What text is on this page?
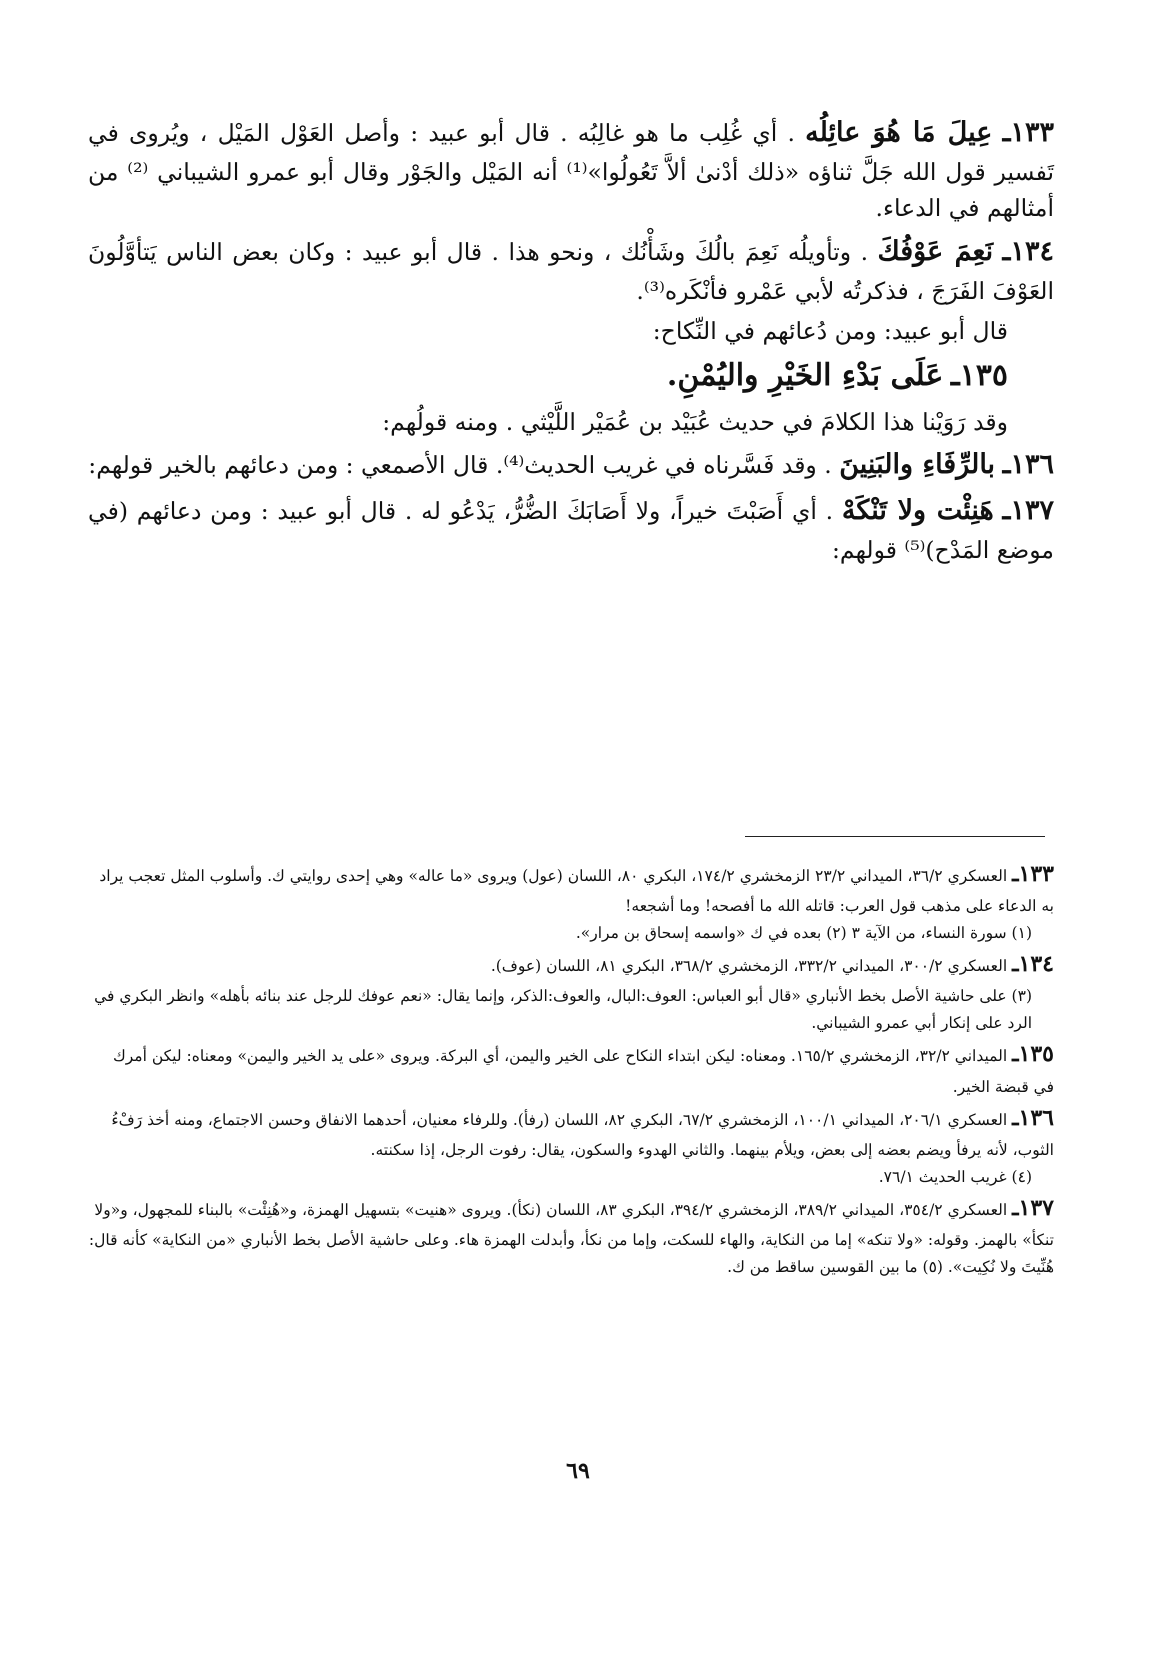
١٣٣ـ عِيلَ مَا هُوَ عائِلُه . أي غُلِب ما هو غالِبُه . قال أبو عبيد : وأصل العَوْل المَيْل ، ويُروى في تَفسير قول الله جَلَّ ثناؤه «ذلك أدْنىٰ ألاَّ تَعُولُوا»⁽¹⁾ أنه المَيْل والجَوْر وقال أبو عمرو الشيباني ⁽²⁾ من أمثالهم في الدعاء.

١٣٤ـ نَعِمَ عَوْفُكَ . وتأويلُه نَعِمَ بالُكَ وشَأْنُك ، ونحو هذا . قال أبو عبيد : وكان بعض الناس يَتأوَّلُونَ العَوْفَ الفَرَجَ ، فذكرتُه لأبي عَمْرو فأنْكَره⁽³⁾.

قال أبو عبيد: ومن دُعائهم في النِّكاح:

١٣٥ـ عَلَى بَدْءِ الخَيْرِ واليُمْنِ.

وقد رَوَيْنا هذا الكلامَ في حديث عُبَيْد بن عُمَيْر اللَّيْثي . ومنه قولُهم:

١٣٦ـ بالرِّفَاءِ والبَنِينَ . وقد فَسَّرناه في غريب الحديث⁽⁴⁾. قال الأصمعي : ومن دعائهم بالخير قولهم:

١٣٧ـ هَنِئْت ولا تَنْكَهْ . أي أَصَبْتَ خيراً، ولا أَصَابَكَ الضُّرُّ، يَدْعُو له . قال أبو عبيد : ومن دعائهم (في موضع المَدْح)⁽⁵⁾ قولهم:

١٣٣ـ العسكري ٣٦/٢، الميداني ٢٣/٢ الزمخشري ١٧٤/٢، البكري ٨٠، اللسان (عول) ويروى «ما عاله» وهي إحدى روايتي ك. وأسلوب المثل تعجب يراد به الدعاء على مذهب قول العرب: قاتله الله ما أفصحه! وما أشجعه!

(١) سورة النساء، من الآية ٣ (٢) بعده في ك «واسمه إسحاق بن مرار».

١٣٤ـ العسكري ٣٠٠/٢، الميداني ٣٣٢/٢، الزمخشري ٣٦٨/٢، البكري ٨١، اللسان (عوف).

(٣) على حاشية الأصل بخط الأنباري «قال أبو العباس: العوف:البال، والعوف:الذكر، وإنما يقال: «نعم عوفك للرجل عند بنائه بأهله» وانظر البكري في الرد على إنكار أبي عمرو الشيباني.

١٣٥ـ الميداني ٣٢/٢، الزمخشري ١٦٥/٢. ومعناه: ليكن ابتداء النكاح على الخير واليمن، أي البركة. ويروى «على يد الخير واليمن» ومعناه: ليكن أمرك في قبضة الخير.

١٣٦ـ العسكري ٢٠٦/١، الميداني ١٠٠/١، الزمخشري ٦٧/٢، البكري ٨٢، اللسان (رفأ). وللرفاء معنيان، أحدهما الانفاق وحسن الاجتماع، ومنه أخذ رَفْءُ الثوب، لأنه يرفأ ويضم بعضه إلى بعض، ويلأم بينهما. والثاني الهدوء والسكون، يقال: رفوت الرجل، إذا سكنته.

(٤) غريب الحديث ٧٦/١.

١٣٧ـ العسكري ٣٥٤/٢، الميداني ٣٨٩/٢، الزمخشري ٣٩٤/٢، البكري ٨٣، اللسان (نكأ). ويروى «هنيت» بتسهيل الهمزة، و«هُنِئْت» بالبناء للمجهول، و«ولا تنكأ» بالهمز. وقوله: «ولا تنكه» إما من النكاية، والهاء للسكت، وإما من نكأ، وأبدلت الهمزة هاء. وعلى حاشية الأصل بخط الأنباري «من النكاية» كأنه قال: هُنِّيتَ ولا نُكِيت». (٥) ما بين القوسين ساقط من ك.

٦٩
